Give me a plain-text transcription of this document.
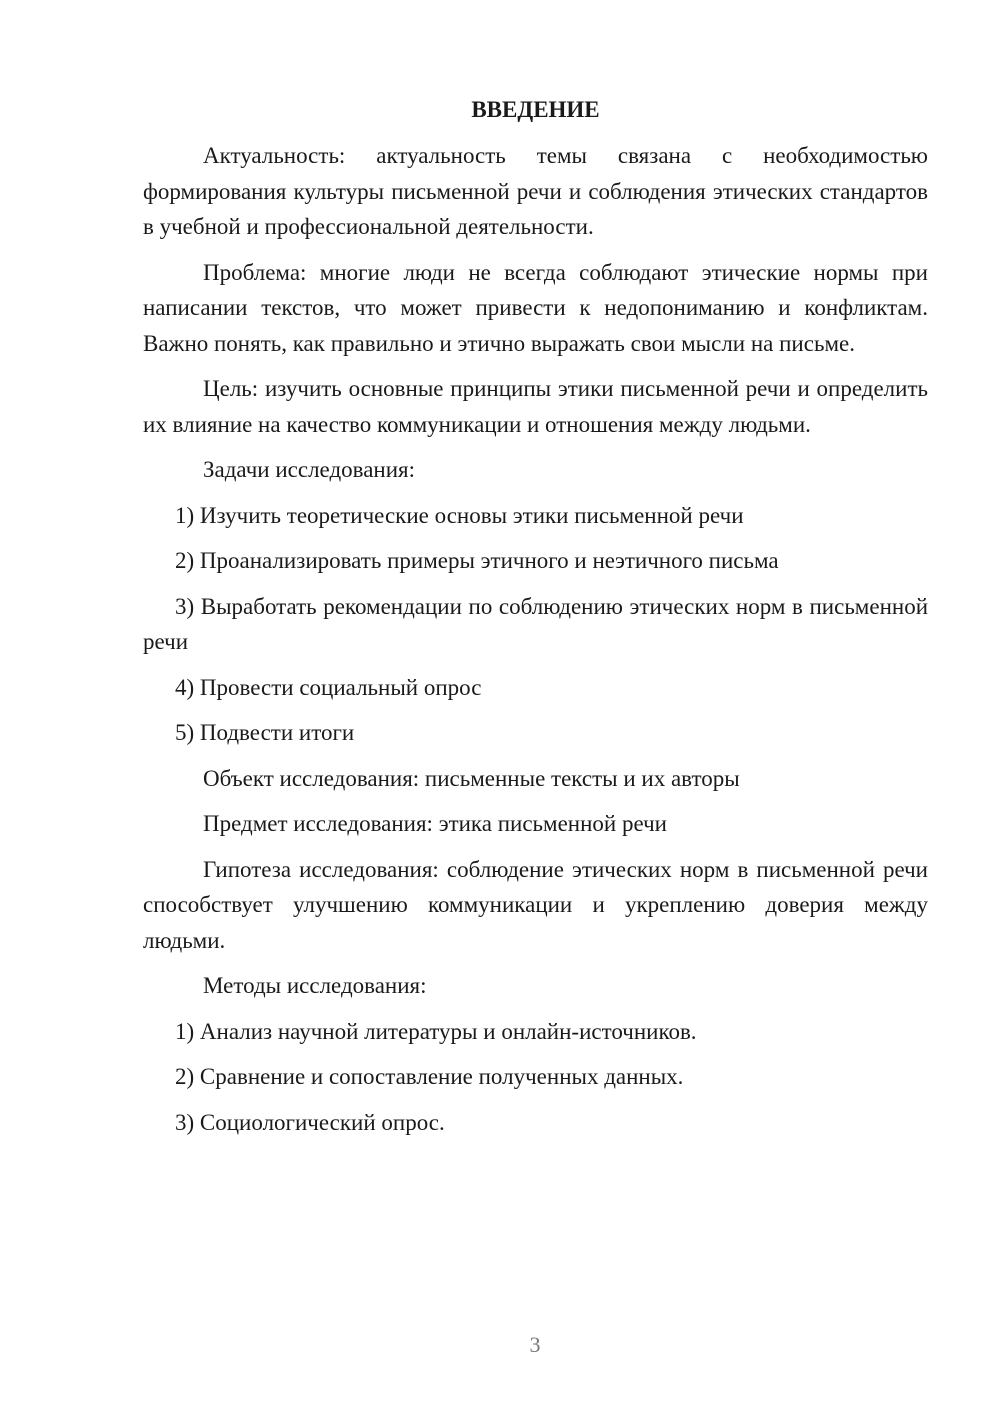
ВВЕДЕНИЕ

Актуальность: актуальность темы связана с необходимостью формирования культуры письменной речи и соблюдения этических стандартов в учебной и профессиональной деятельности.

Проблема: многие люди не всегда соблюдают этические нормы при написании текстов, что может привести к недопониманию и конфликтам. Важно понять, как правильно и этично выражать свои мысли на письме.

Цель: изучить основные принципы этики письменной речи и определить их влияние на качество коммуникации и отношения между людьми.

Задачи исследования:

1) Изучить теоретические основы этики письменной речи

2) Проанализировать примеры этичного и неэтичного письма

3) Выработать рекомендации по соблюдению этических норм в письменной речи

4) Провести социальный опрос

5) Подвести итоги

Объект исследования: письменные тексты и их авторы

Предмет исследования: этика письменной речи

Гипотеза исследования: соблюдение этических норм в письменной речи способствует улучшению коммуникации и укреплению доверия между людьми.

Методы исследования:

1) Анализ научной литературы и онлайн-источников.

2) Сравнение и сопоставление полученных данных.

3) Социологический опрос.

3
